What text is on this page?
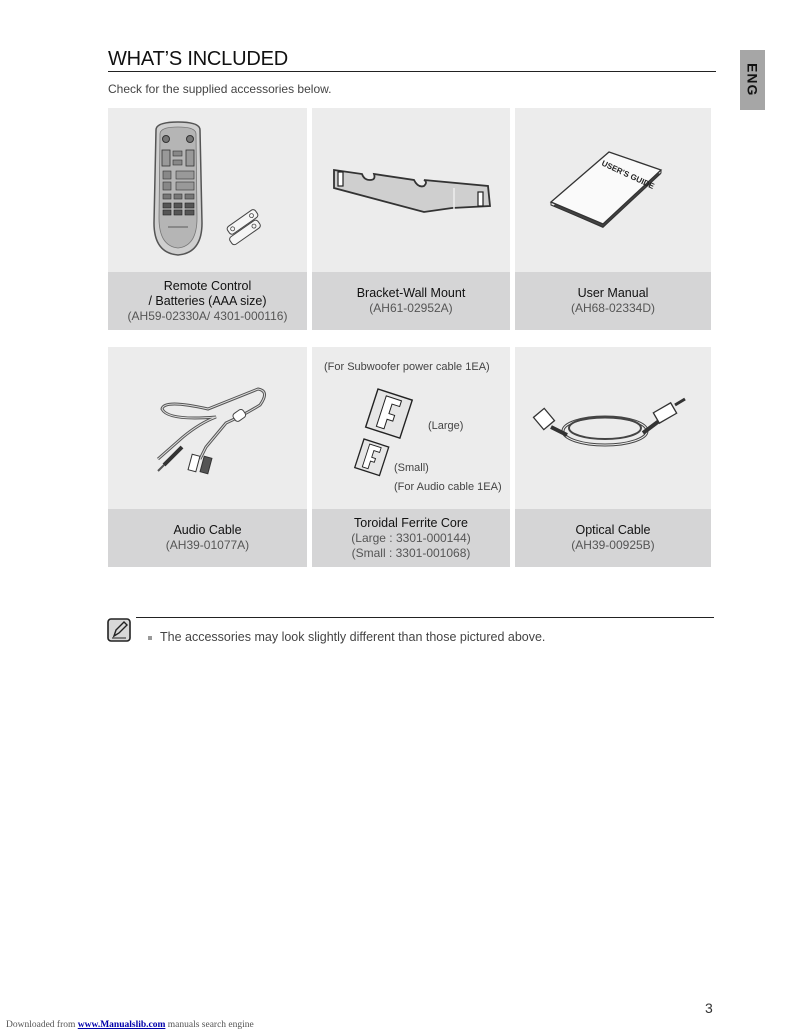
WHAT’S INCLUDED
Check for the supplied accessories below.	ENG
Remote Control
/ Batteries (AAA size)
(AH59-02330A/ 4301-000116)
Bracket-Wall Mount
(AH61-02952A)
USER'S GUIDE
User Manual
(AH68-02334D)
Audio Cable
(AH39-01077A)
(For Subwoofer power cable 1EA)
(Large)
(Small)
(For Audio cable 1EA)
Toroidal Ferrite Core
(Large : 3301-000144)
(Small : 3301-001068)
Optical Cable
(AH39-00925B)
The accessories may look slightly different than those pictured above.
3
Downloaded from www.Manualslib.com manuals search engine
